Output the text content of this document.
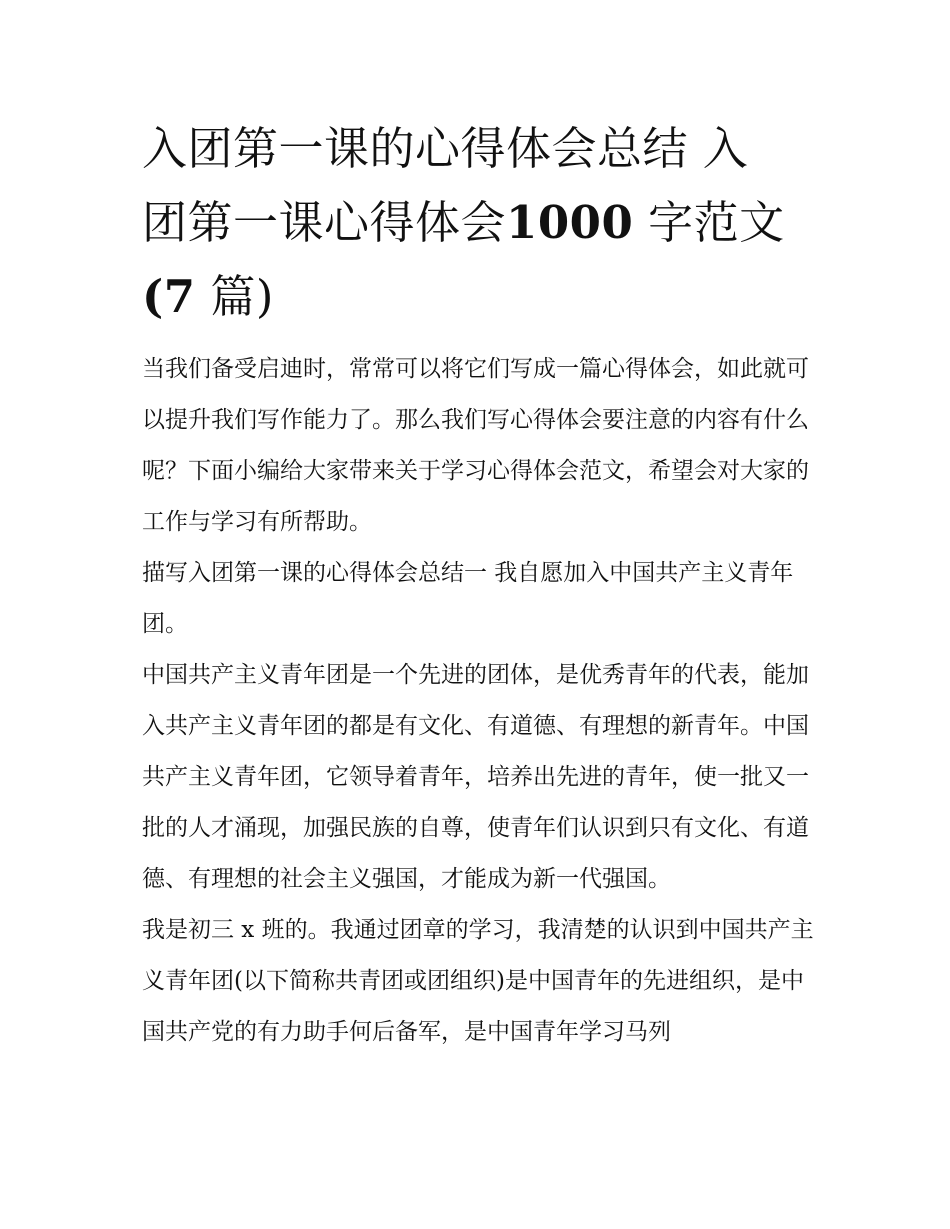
入团第一课的心得体会总结 入
团第一课心得体会1000 字范文
(7 篇)

当我们备受启迪时，常常可以将它们写成一篇心得体会，如此就可以提升我们写作能力了。那么我们写心得体会要注意的内容有什么呢？下面小编给大家带来关于学习心得体会范文，希望会对大家的工作与学习有所帮助。

描写入团第一课的心得体会总结一 我自愿加入中国共产主义青年团。

中国共产主义青年团是一个先进的团体，是优秀青年的代表，能加入共产主义青年团的都是有文化、有道德、有理想的新青年。中国共产主义青年团，它领导着青年，培养出先进的青年，使一批又一批的人才涌现，加强民族的自尊，使青年们认识到只有文化、有道德、有理想的社会主义强国，才能成为新一代强国。

我是初三 x 班的。我通过团章的学习，我清楚的认识到中国共产主义青年团(以下简称共青团或团组织)是中国青年的先进组织，是中国共产党的有力助手何后备军，是中国青年学习马列
